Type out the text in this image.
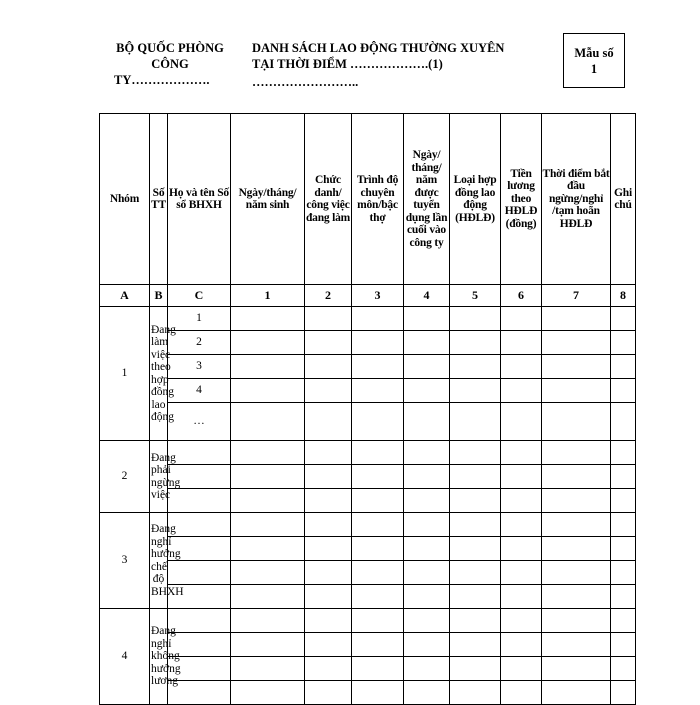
BỘ QUỐC PHÒNG
CÔNG
TY……………….
DANH SÁCH LAO ĐỘNG THƯỜNG XUYÊN
TẠI THỜI ĐIỂM ……………….(1)
……………………..
Mẫu số
1
Nhóm	Số TT	Họ và tên Số sổ BHXH	Ngày/tháng/ năm sinh	Chức danh/ công việc đang làm	Trình độ chuyên môn/bậc thợ	Ngày/ tháng/ năm được tuyển dụng lần cuối vào công ty	Loại hợp đồng lao động (HĐLĐ)	Tiền lương theo HĐLĐ (đồng)	Thời điểm bắt đầu ngừng/nghỉ /tạm hoãn HĐLĐ	Ghi chú	
A	B	C	1	2	3	4	5	6	7	8	
1	Đang làm việc theo hợp đồng lao động	1									
		2									
		3									
		4									
		…									
2	Đang phải ngừng việc										

3	Đang nghỉ hưởng chế độ BHXH										

4	Đang nghỉ không hưởng lương										
